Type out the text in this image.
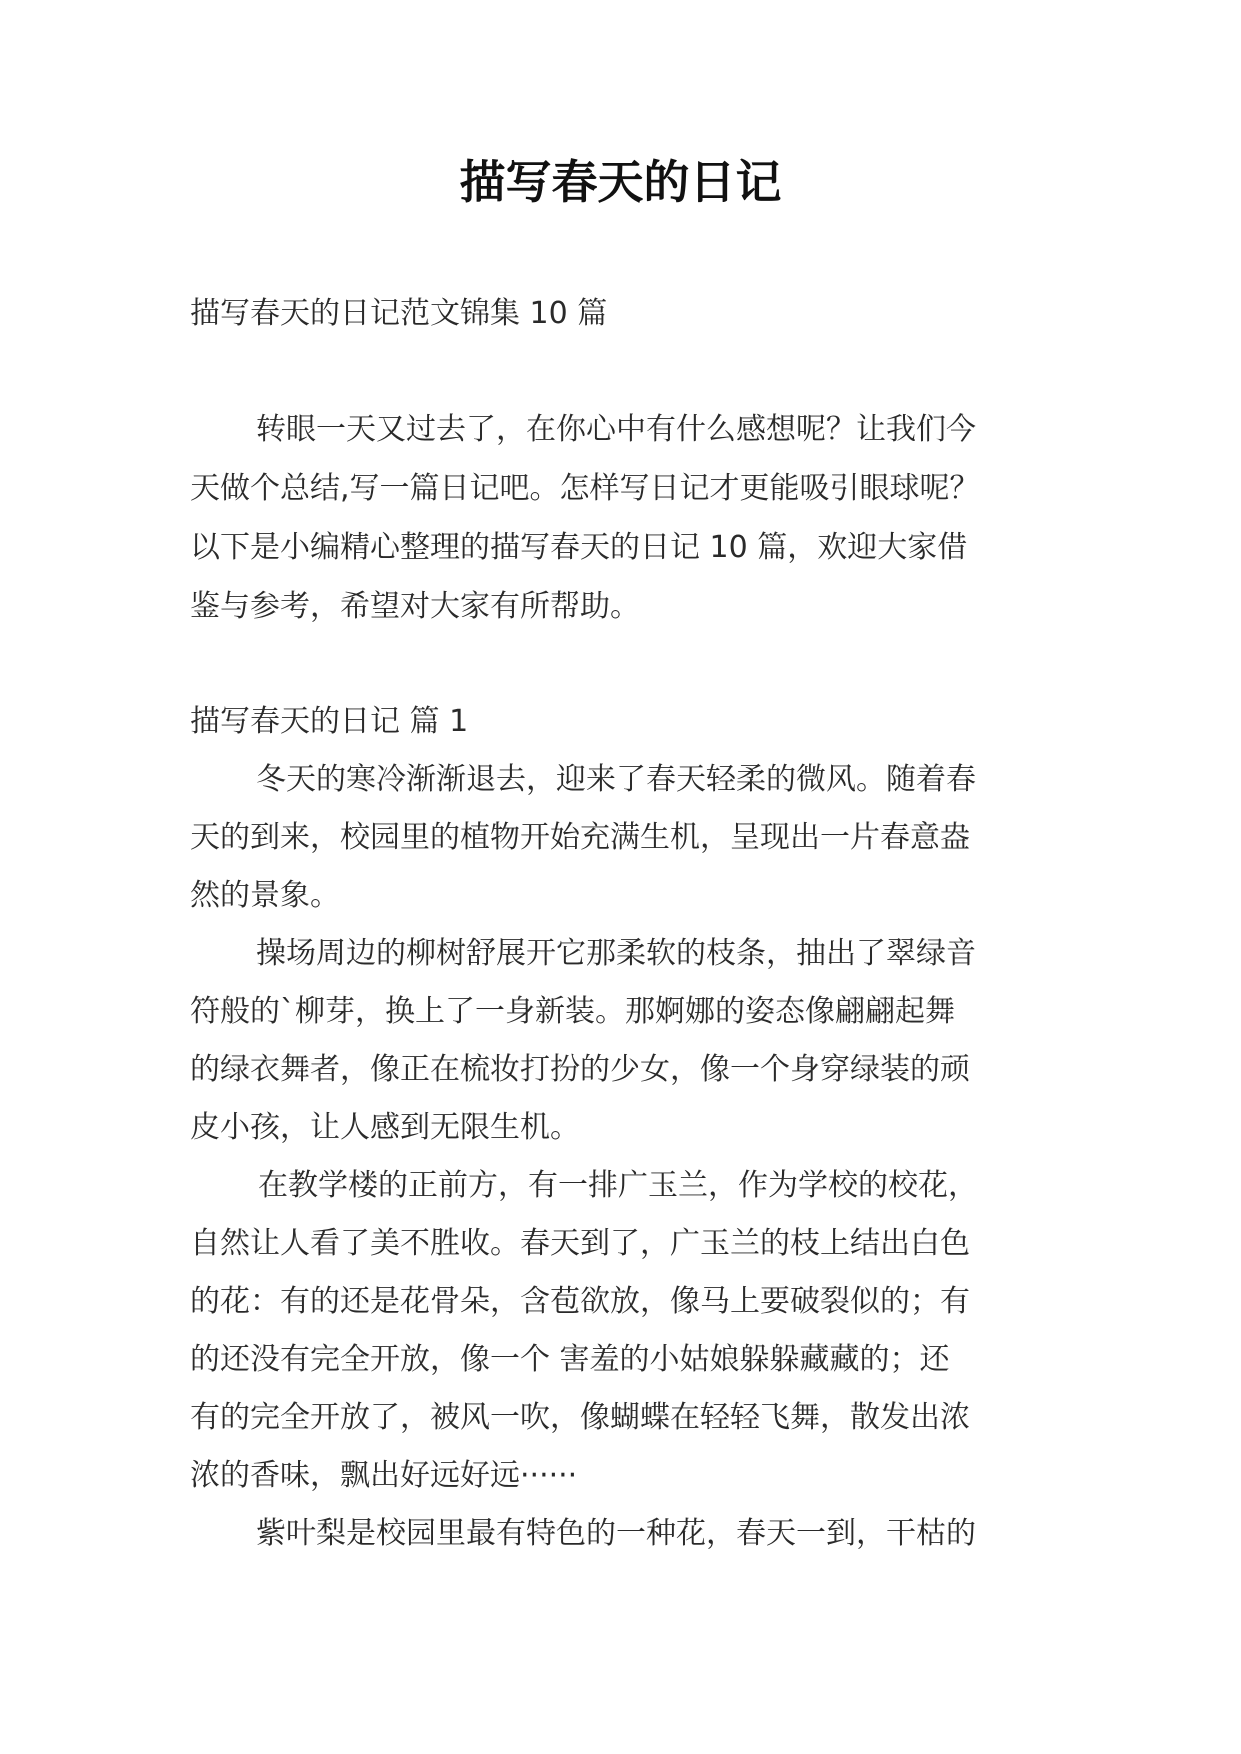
描写春天的日记

描写春天的日记范文锦集 10 篇

转眼一天又过去了，在你心中有什么感想呢？让我们今

天做个总结,写一篇日记吧。怎样写日记才更能吸引眼球呢？

以下是小编精心整理的描写春天的日记 10 篇，欢迎大家借

鉴与参考，希望对大家有所帮助。

描写春天的日记 篇 1

冬天的寒冷渐渐退去，迎来了春天轻柔的微风。随着春

天的到来，校园里的植物开始充满生机，呈现出一片春意盎

然的景象。

操场周边的柳树舒展开它那柔软的枝条，抽出了翠绿音

符般的`柳芽，换上了一身新装。那婀娜的姿态像翩翩起舞

的绿衣舞者，像正在梳妆打扮的少女，像一个身穿绿装的顽

皮小孩，让人感到无限生机。

在教学楼的正前方，有一排广玉兰，作为学校的校花，

自然让人看了美不胜收。春天到了，广玉兰的枝上结出白色

的花：有的还是花骨朵，含苞欲放，像马上要破裂似的；有

的还没有完全开放，像一个 害羞的小姑娘躲躲藏藏的；还

有的完全开放了，被风一吹，像蝴蝶在轻轻飞舞，散发出浓

浓的香味，飘出好远好远······

紫叶梨是校园里最有特色的一种花，春天一到，干枯的
